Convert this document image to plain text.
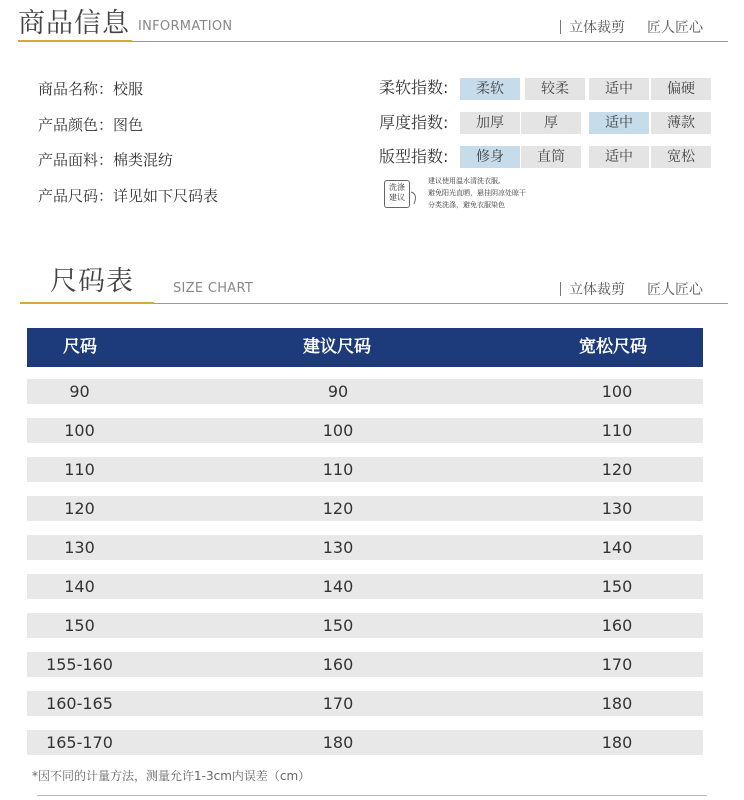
商品信息 INFORMATION	立体裁剪 匠人匠心
商品名称：校服
产品颜色：图色
产品面料：棉类混纺
产品尺码：详见如下尺码表
柔软指数:	柔软	较柔	适中	偏硬
厚度指数:	加厚	厚	适中	薄款
版型指数:	修身	直筒	适中	宽松
洗涤
建议
建议使用温水清洗衣服,
避免阳光直晒，悬挂阴凉处晾干
分类洗涤，避免衣服染色
尺码表	SIZE CHART	立体裁剪 匠人匠心
尺码	建议尺码	宽松尺码
90	90	100
100	100	110
110	110	120
120	120	130
130	130	140
140	140	150
150	150	160
155-160	160	170
160-165	170	180
165-170	180	180
*因不同的计量方法，测量允许1-3cm内误差（cm）
